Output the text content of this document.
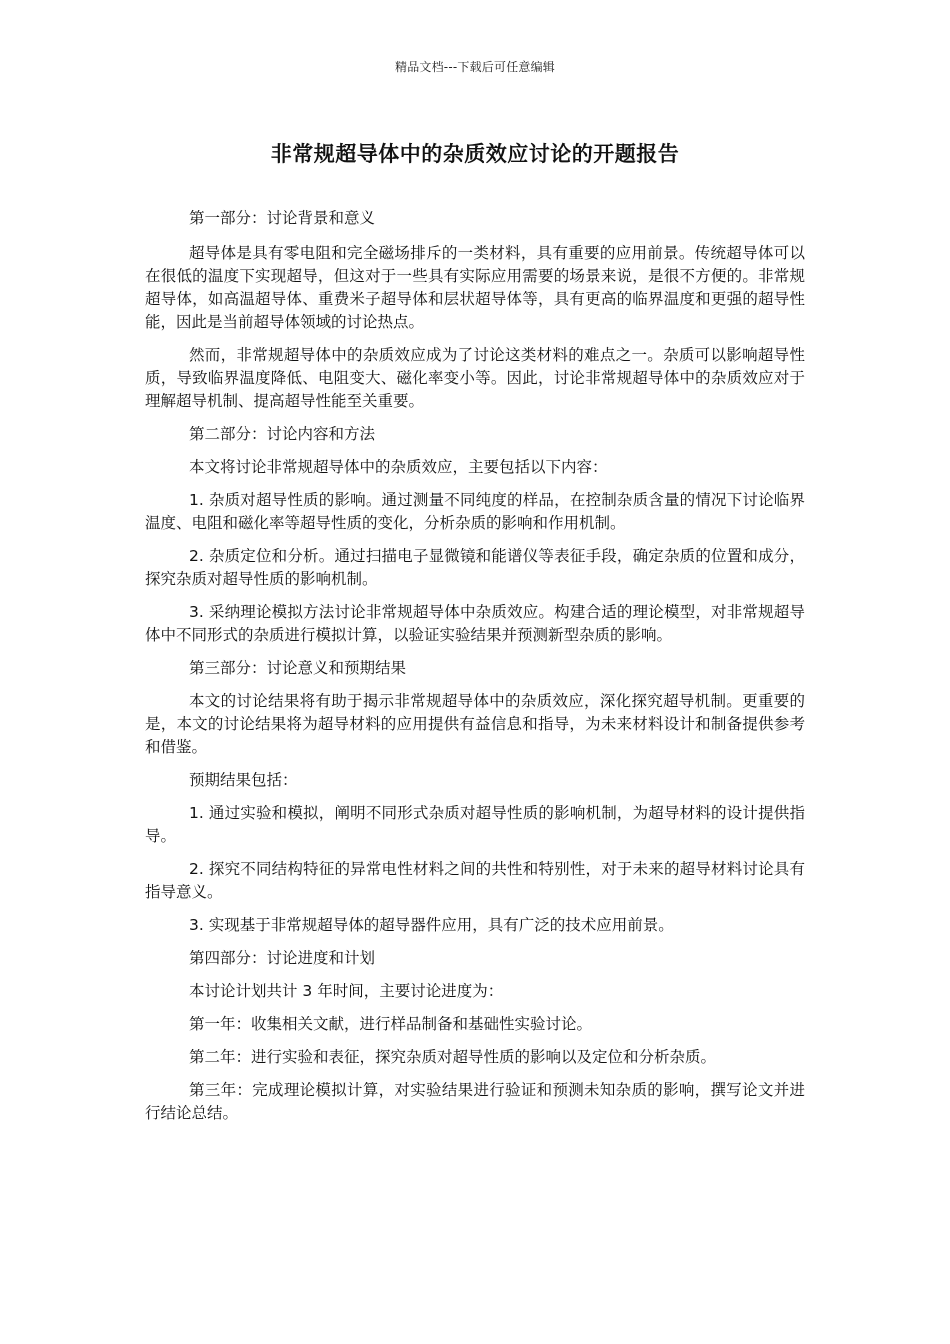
精品文档---下载后可任意编辑
非常规超导体中的杂质效应讨论的开题报告

第一部分：讨论背景和意义

超导体是具有零电阻和完全磁场排斥的一类材料，具有重要的应用前景。传统超导体可以在很低的温度下实现超导，但这对于一些具有实际应用需要的场景来说，是很不方便的。非常规超导体，如高温超导体、重费米子超导体和层状超导体等，具有更高的临界温度和更强的超导性能，因此是当前超导体领域的讨论热点。

然而，非常规超导体中的杂质效应成为了讨论这类材料的难点之一。杂质可以影响超导性质，导致临界温度降低、电阻变大、磁化率变小等。因此，讨论非常规超导体中的杂质效应对于理解超导机制、提高超导性能至关重要。

第二部分：讨论内容和方法

本文将讨论非常规超导体中的杂质效应，主要包括以下内容：

1. 杂质对超导性质的影响。通过测量不同纯度的样品，在控制杂质含量的情况下讨论临界温度、电阻和磁化率等超导性质的变化，分析杂质的影响和作用机制。

2. 杂质定位和分析。通过扫描电子显微镜和能谱仪等表征手段，确定杂质的位置和成分，探究杂质对超导性质的影响机制。

3. 采纳理论模拟方法讨论非常规超导体中杂质效应。构建合适的理论模型，对非常规超导体中不同形式的杂质进行模拟计算，以验证实验结果并预测新型杂质的影响。

第三部分：讨论意义和预期结果

本文的讨论结果将有助于揭示非常规超导体中的杂质效应，深化探究超导机制。更重要的是，本文的讨论结果将为超导材料的应用提供有益信息和指导，为未来材料设计和制备提供参考和借鉴。

预期结果包括：

1. 通过实验和模拟，阐明不同形式杂质对超导性质的影响机制，为超导材料的设计提供指导。

2. 探究不同结构特征的异常电性材料之间的共性和特别性，对于未来的超导材料讨论具有指导意义。

3. 实现基于非常规超导体的超导器件应用，具有广泛的技术应用前景。

第四部分：讨论进度和计划

本讨论计划共计 3 年时间，主要讨论进度为：

第一年：收集相关文献，进行样品制备和基础性实验讨论。

第二年：进行实验和表征，探究杂质对超导性质的影响以及定位和分析杂质。

第三年：完成理论模拟计算，对实验结果进行验证和预测未知杂质的影响，撰写论文并进行结论总结。
